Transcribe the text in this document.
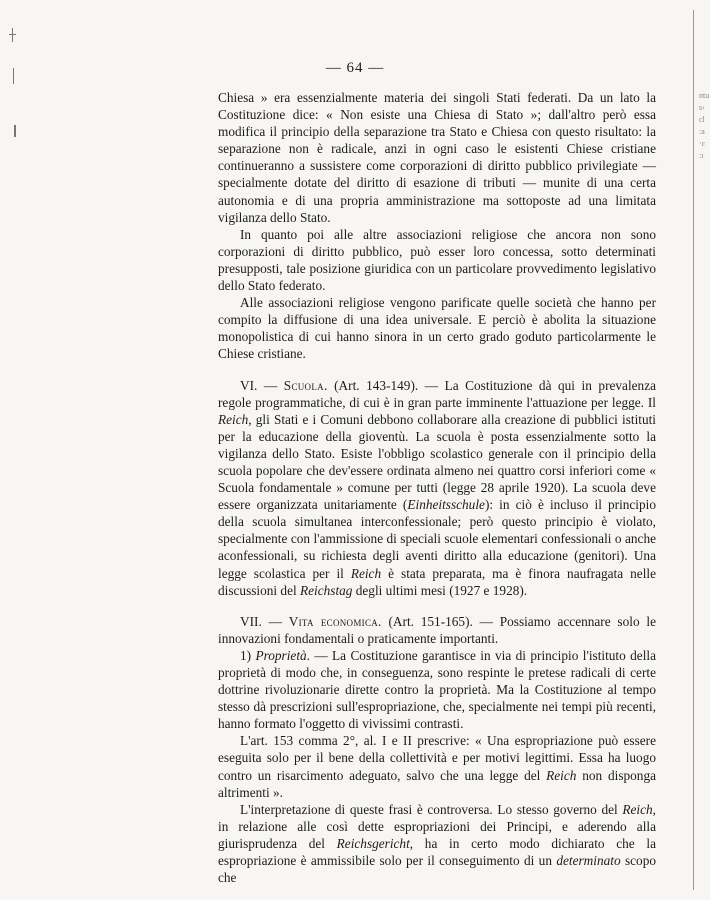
ntu
s‹
cl
:a
·c
:ı
— 64 —

Chiesa » era essenzialmente materia dei singoli Stati federati. Da un lato la Costituzione dice: « Non esiste una Chiesa di Stato »; dall'altro però essa modifica il principio della separazione tra Stato e Chiesa con questo risultato: la separazione non è radicale, anzi in ogni caso le esistenti Chiese cristiane continueranno a sussistere come corporazioni di diritto pubblico privilegiate — specialmente dotate del diritto di esazione di tributi — munite di una certa autonomia e di una propria amministrazione ma sottoposte ad una limitata vigilanza dello Stato.

In quanto poi alle altre associazioni religiose che ancora non sono corporazioni di diritto pubblico, può esser loro concessa, sotto determinati presupposti, tale posizione giuridica con un particolare provvedimento legislativo dello Stato federato.

Alle associazioni religiose vengono parificate quelle società che hanno per compito la diffusione di una idea universale. E perciò è abolita la situazione monopolistica di cui hanno sinora in un certo grado goduto particolarmente le Chiese cristiane.

VI. — Scuola. (Art. 143-149). — La Costituzione dà qui in prevalenza regole programmatiche, di cui è in gran parte imminente l'attuazione per legge. Il Reich, gli Stati e i Comuni debbono collaborare alla creazione di pubblici istituti per la educazione della gioventù. La scuola è posta essenzialmente sotto la vigilanza dello Stato. Esiste l'obbligo scolastico generale con il principio della scuola popolare che dev'essere ordinata almeno nei quattro corsi inferiori come « Scuola fondamentale » comune per tutti (legge 28 aprile 1920). La scuola deve essere organizzata unitariamente (Einheitsschule): in ciò è incluso il principio della scuola simultanea interconfessionale; però questo principio è violato, specialmente con l'ammissione di speciali scuole elementari confessionali o anche aconfessionali, su richiesta degli aventi diritto alla educazione (genitori). Una legge scolastica per il Reich è stata preparata, ma è finora naufragata nelle discussioni del Reichstag degli ultimi mesi (1927 e 1928).

VII. — Vita economica. (Art. 151-165). — Possiamo accennare solo le innovazioni fondamentali o praticamente importanti.

1) Proprietà. — La Costituzione garantisce in via di principio l'istituto della proprietà di modo che, in conseguenza, sono respinte le pretese radicali di certe dottrine rivoluzionarie dirette contro la proprietà. Ma la Costituzione al tempo stesso dà prescrizioni sull'espropriazione, che, specialmente nei tempi più recenti, hanno formato l'oggetto di vivissimi contrasti.

L'art. 153 comma 2°, al. I e II prescrive: « Una espropriazione può essere eseguita solo per il bene della collettività e per motivi legittimi. Essa ha luogo contro un risarcimento adeguato, salvo che una legge del Reich non disponga altrimenti ».

L'interpretazione di queste frasi è controversa. Lo stesso governo del Reich, in relazione alle così dette espropriazioni dei Principi, e aderendo alla giurisprudenza del Reichsgericht, ha in certo modo dichiarato che la espropriazione è ammissibile solo per il conseguimento di un determinato scopo che
